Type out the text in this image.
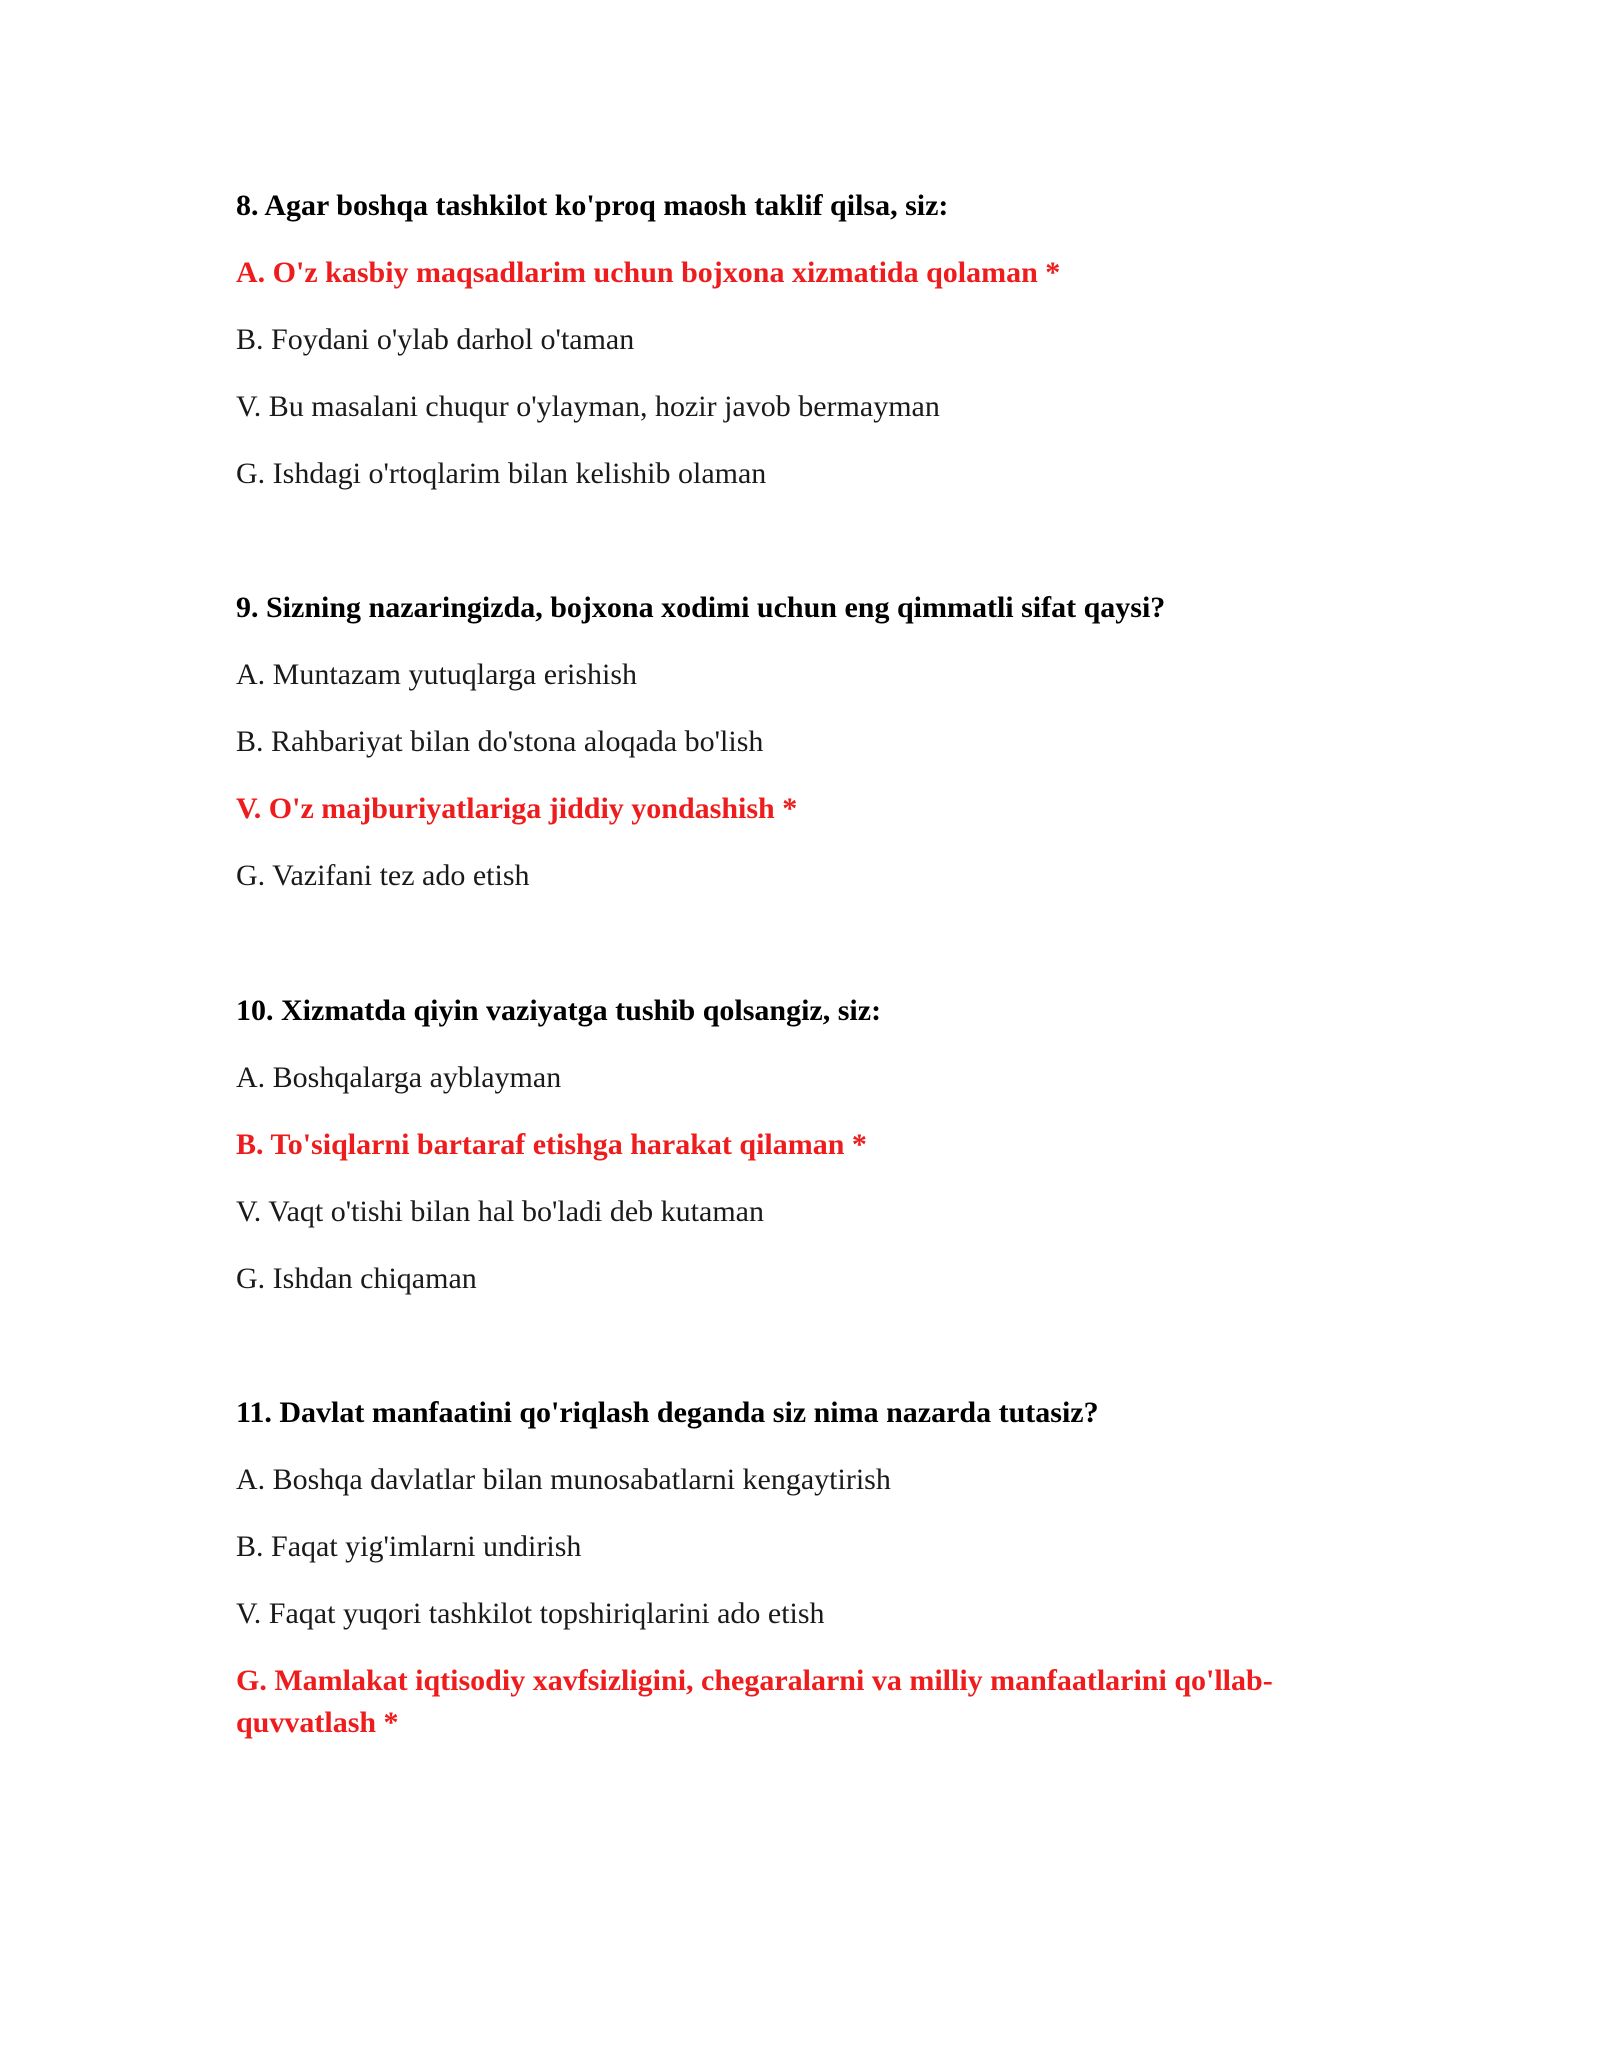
8. Agar boshqa tashkilot ko'proq maosh taklif qilsa, siz:

A. O'z kasbiy maqsadlarim uchun bojxona xizmatida qolaman *

B. Foydani o'ylab darhol o'taman

V. Bu masalani chuqur o'ylayman, hozir javob bermayman

G. Ishdagi o'rtoqlarim bilan kelishib olaman

9. Sizning nazaringizda, bojxona xodimi uchun eng qimmatli sifat qaysi?

A. Muntazam yutuqlarga erishish

B. Rahbariyat bilan do'stona aloqada bo'lish

V. O'z majburiyatlariga jiddiy yondashish *

G. Vazifani tez ado etish

10. Xizmatda qiyin vaziyatga tushib qolsangiz, siz:

A. Boshqalarga ayblayman

B. To'siqlarni bartaraf etishga harakat qilaman *

V. Vaqt o'tishi bilan hal bo'ladi deb kutaman

G. Ishdan chiqaman

11. Davlat manfaatini qo'riqlash deganda siz nima nazarda tutasiz?

A. Boshqa davlatlar bilan munosabatlarni kengaytirish

B. Faqat yig'imlarni undirish

V. Faqat yuqori tashkilot topshiriqlarini ado etish

G. Mamlakat iqtisodiy xavfsizligini, chegaralarni va milliy manfaatlarini qo'llab-quvvatlash *
